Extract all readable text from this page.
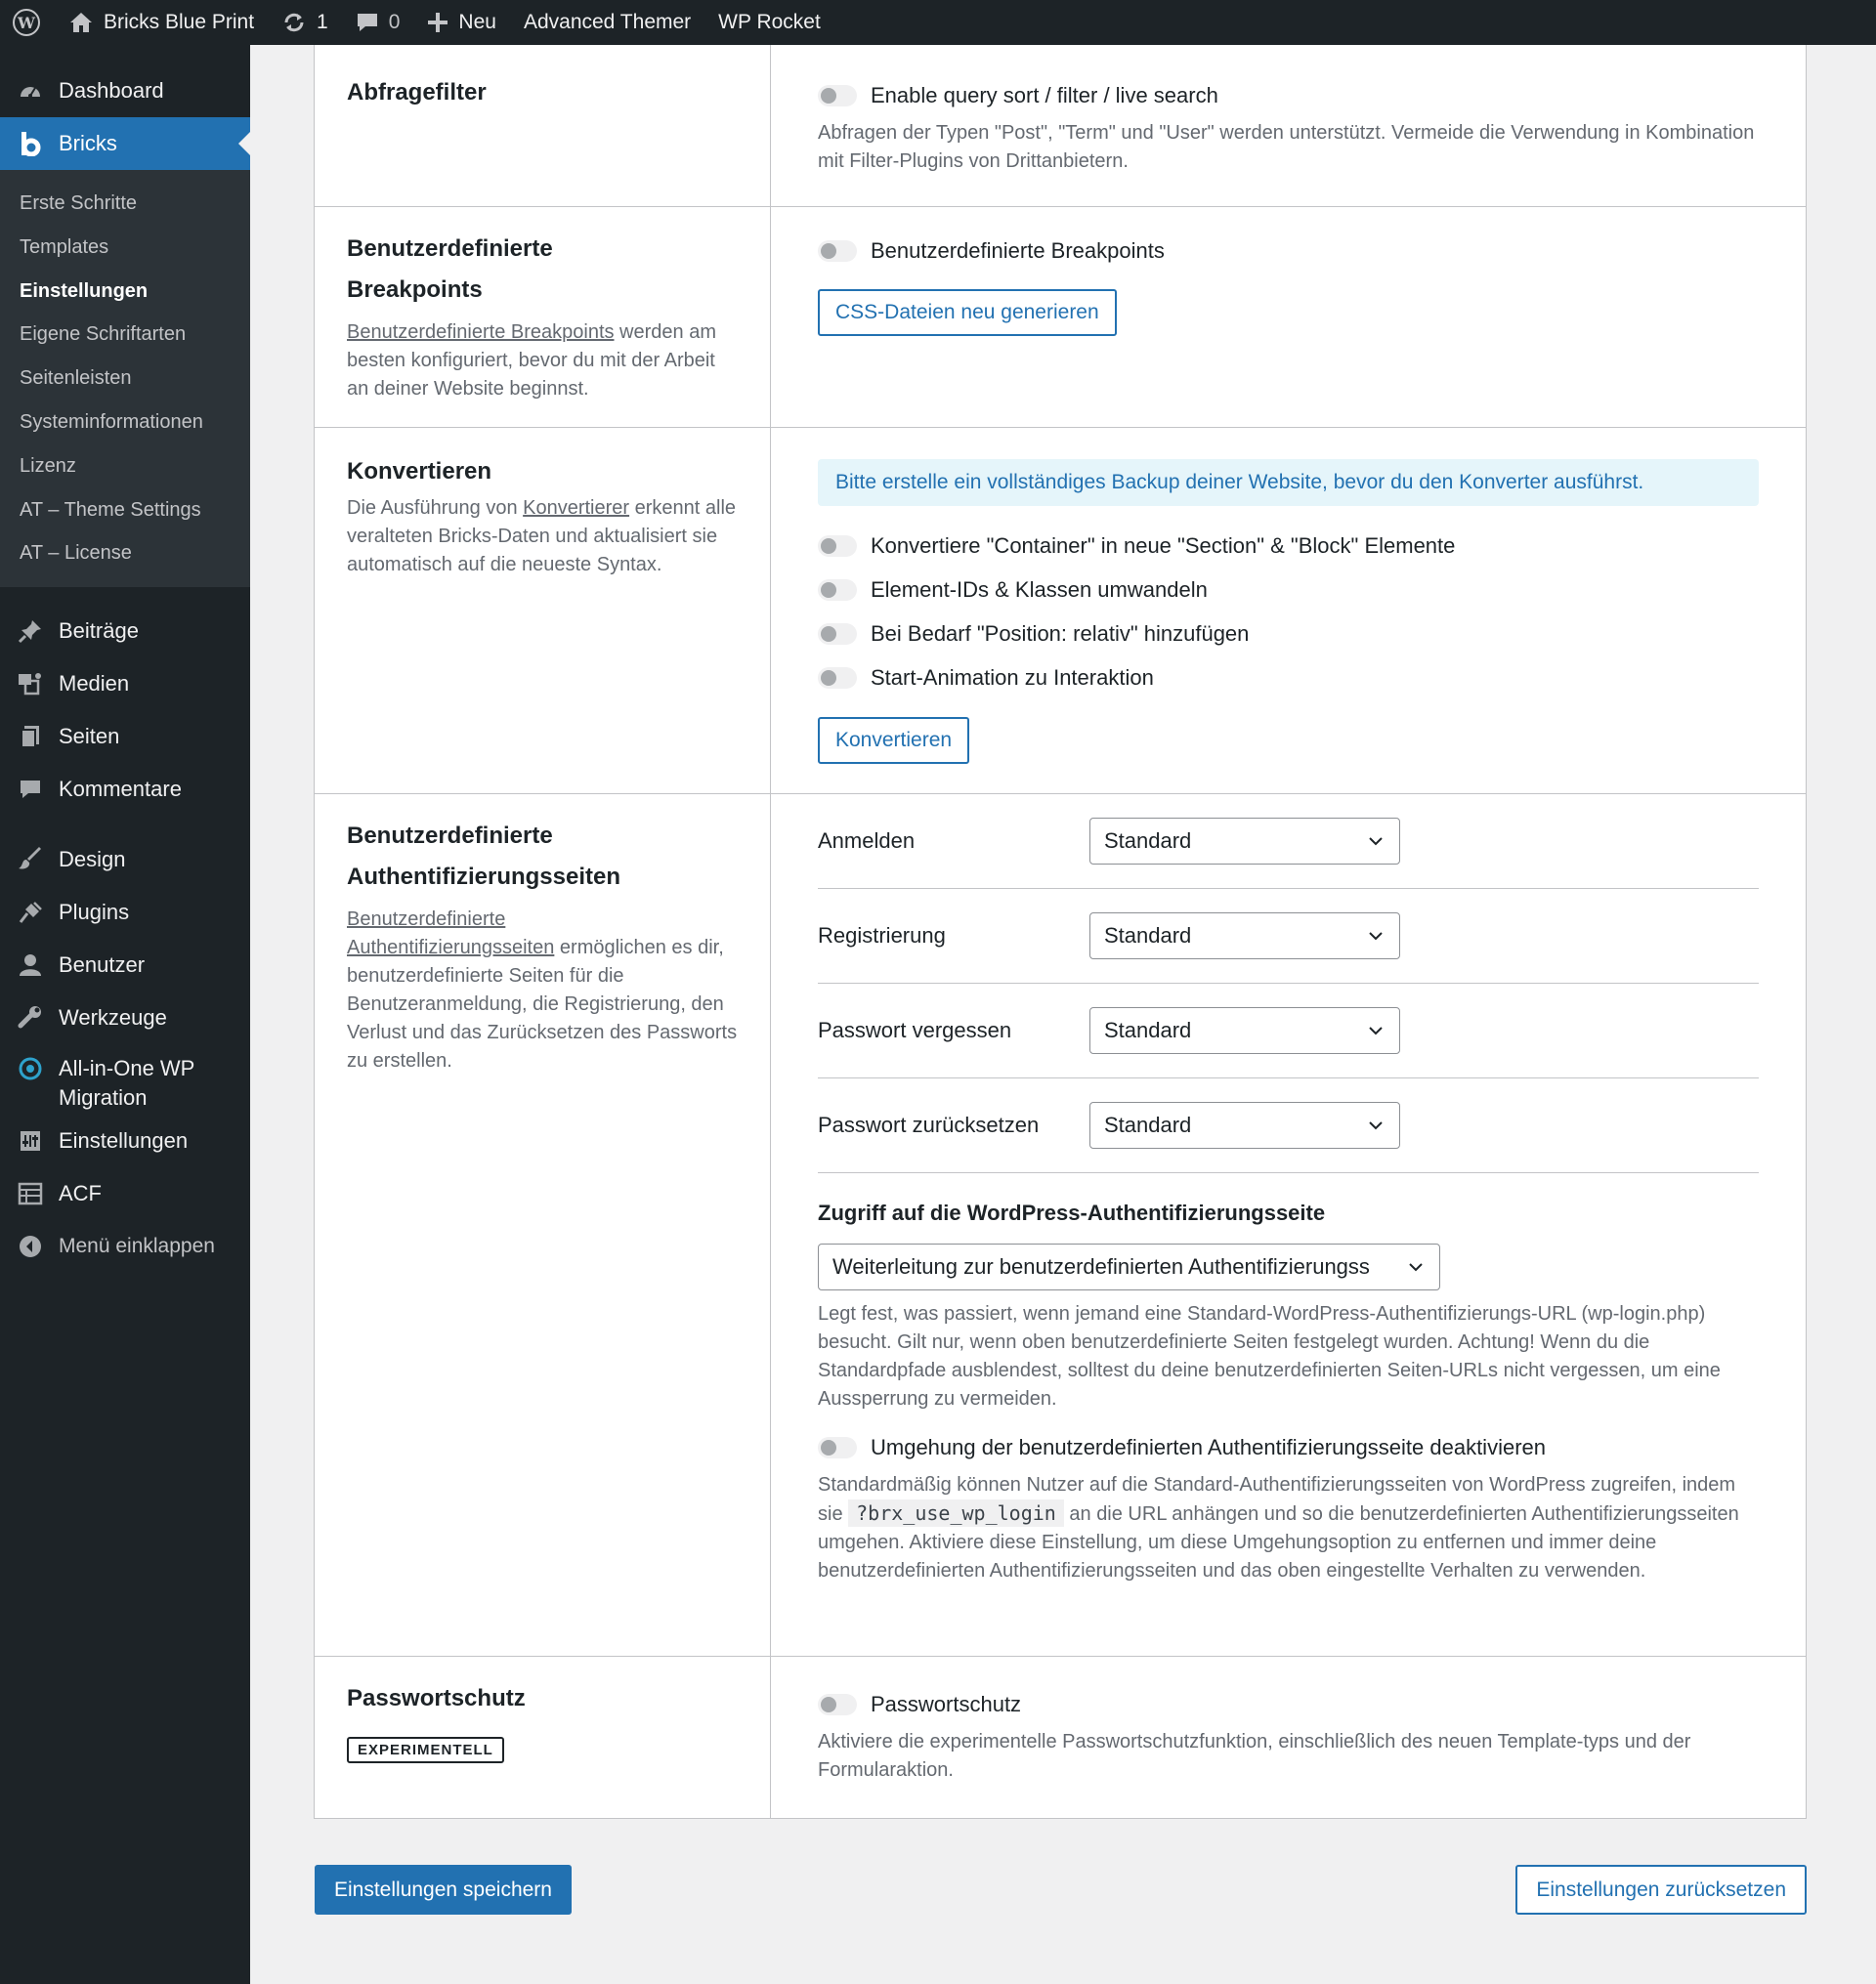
W	Bricks Blue Print	1	0	Neu Advanced Themer WP Rocket
Dashboard
Bricks
Erste Schritte
Templates
Einstellungen
Eigene Schriftarten
Seitenleisten
Systeminformationen
Lizenz
AT – Theme Settings
AT – License
Beiträge
Medien
Seiten
Kommentare
Design
Plugins
Benutzer
Werkzeuge
All-in-One WP
Migration
Einstellungen
ACF
Menü einklappen
Abfragefilter	Enable query sort / filter / live search
Abfragen der Typen "Post", "Term" und "User" werden unterstützt. Vermeide die Verwendung in Kombination mit Filter-Plugins von Drittanbietern.
Benutzerdefinierte
Breakpoints
Benutzerdefinierte Breakpoints werden am besten konfiguriert, bevor du mit der Arbeit an deiner Website beginnst.
Benutzerdefinierte Breakpoints
CSS-Dateien neu generieren
Konvertieren
Die Ausführung von Konvertierer erkennt alle veralteten Bricks-Daten und aktualisiert sie automatisch auf die neueste Syntax.
Bitte erstelle ein vollständiges Backup deiner Website, bevor du den Konverter ausführst.
Konvertiere "Container" in neue "Section" & "Block" Elemente
Element-IDs & Klassen umwandeln
Bei Bedarf "Position: relativ" hinzufügen
Start-Animation zu Interaktion
Konvertieren
Benutzerdefinierte
Authentifizierungsseiten
Benutzerdefinierte
Authentifizierungsseiten ermöglichen es dir, benutzerdefinierte Seiten für die Benutzeranmeldung, die Registrierung, den Verlust und das Zurücksetzen des Passworts zu erstellen.
Anmelden	Standard
Registrierung	Standard
Passwort vergessen	Standard
Passwort zurücksetzen	Standard
Zugriff auf die WordPress-Authentifizierungsseite
Weiterleitung zur benutzerdefinierten Authentifizierungss
Legt fest, was passiert, wenn jemand eine Standard-WordPress-Authentifizierungs-URL (wp-login.php) besucht. Gilt nur, wenn oben benutzerdefinierte Seiten festgelegt wurden. Achtung! Wenn du die Standardpfade ausblendest, solltest du deine benutzerdefinierten Seiten-URLs nicht vergessen, um eine Aussperrung zu vermeiden.
Umgehung der benutzerdefinierten Authentifizierungsseite deaktivieren
Standardmäßig können Nutzer auf die Standard-Authentifizierungsseiten von WordPress zugreifen, indem sie ?brx_use_wp_login an die URL anhängen und so die benutzerdefinierten Authentifizierungsseiten umgehen. Aktiviere diese Einstellung, um diese Umgehungsoption zu entfernen und immer deine benutzerdefinierten Authentifizierungsseiten und das oben eingestellte Verhalten zu verwenden.
Passwortschutz
EXPERIMENTELL
Passwortschutz
Aktiviere die experimentelle Passwortschutzfunktion, einschließlich des neuen Template-typs und der Formularaktion.
Einstellungen speichern	Einstellungen zurücksetzen
